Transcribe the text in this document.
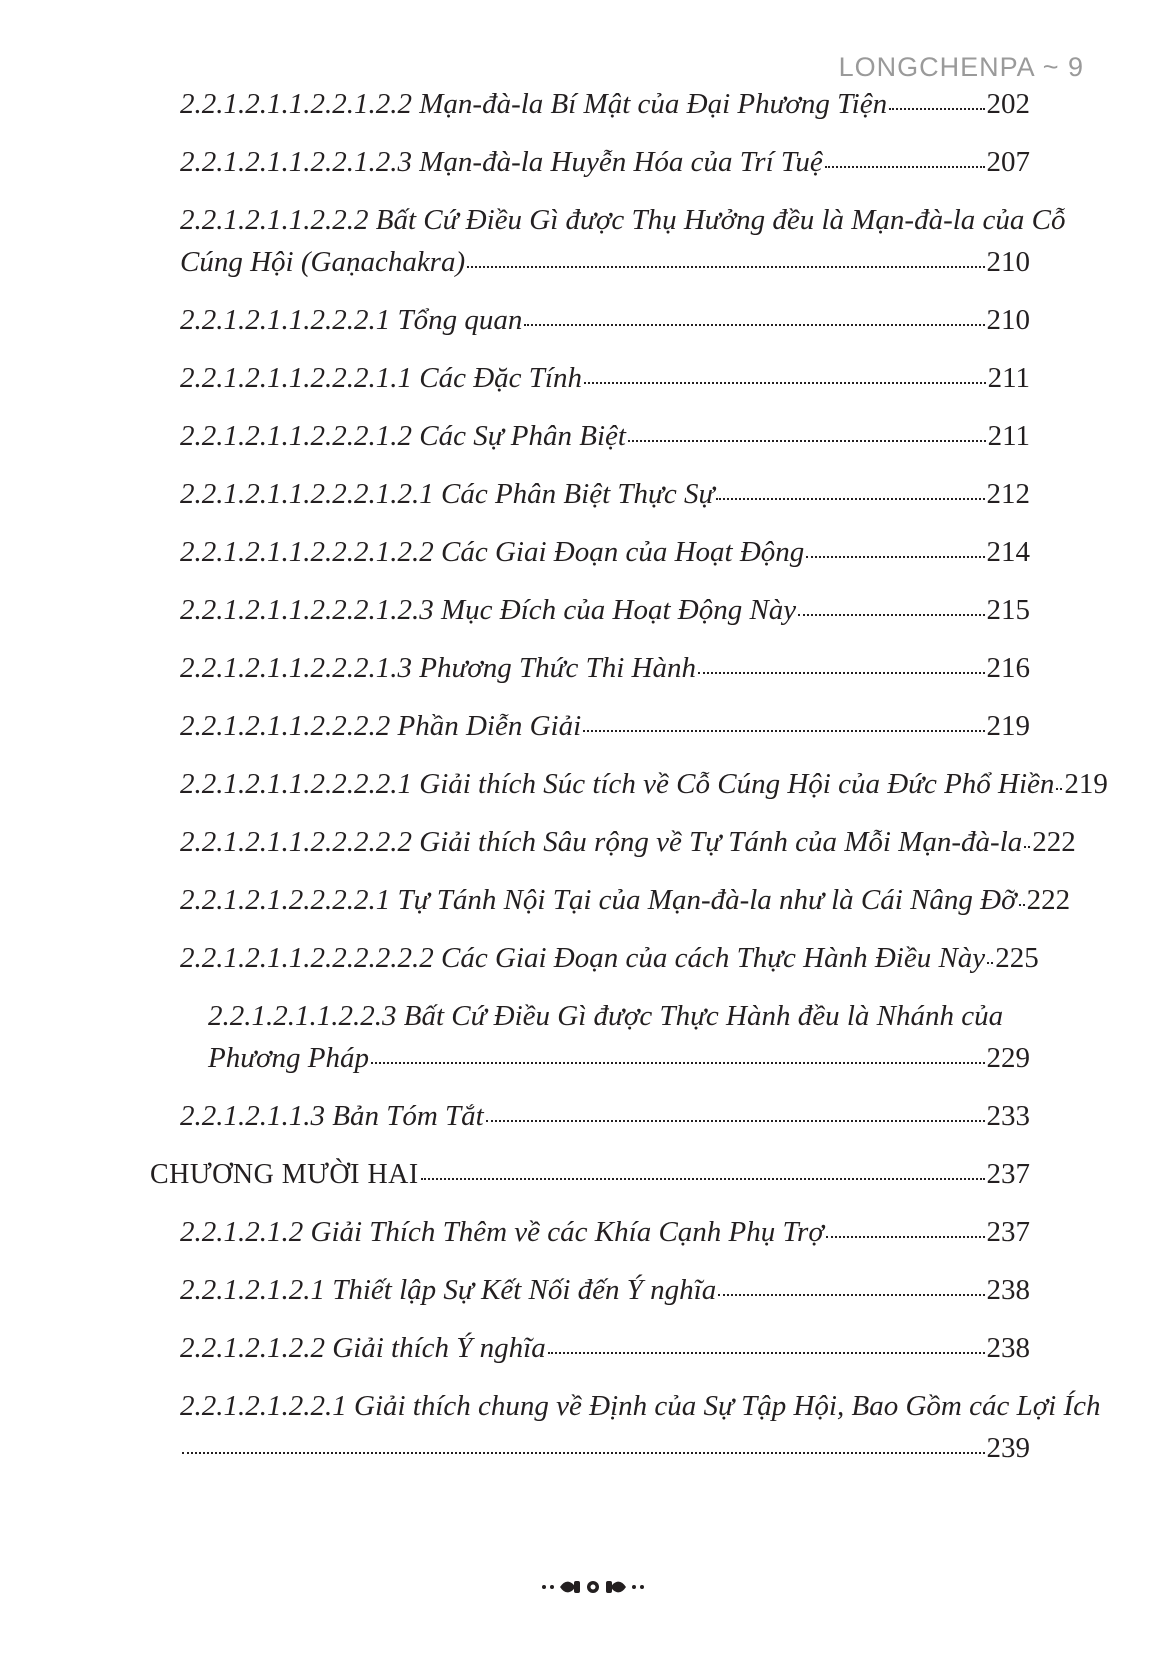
LONGCHENPA ~ 9
2.2.1.2.1.1.2.2.1.2.2 Mạn-đà-la Bí Mật của Đại Phương Tiện	202
2.2.1.2.1.1.2.2.1.2.3 Mạn-đà-la Huyễn Hóa của Trí Tuệ	207
2.2.1.2.1.1.2.2.2 Bất Cứ Điều Gì được Thụ Hưởng đều là Mạn-đà-la của Cỗ
Cúng Hội (Gaṇachakra)	210
2.2.1.2.1.1.2.2.2.1 Tổng quan	210
2.2.1.2.1.1.2.2.2.1.1 Các Đặc Tính	211
2.2.1.2.1.1.2.2.2.1.2 Các Sự Phân Biệt	211
2.2.1.2.1.1.2.2.2.1.2.1 Các Phân Biệt Thực Sự	212
2.2.1.2.1.1.2.2.2.1.2.2 Các Giai Đoạn của Hoạt Động	214
2.2.1.2.1.1.2.2.2.1.2.3 Mục Đích của Hoạt Động Này	215
2.2.1.2.1.1.2.2.2.1.3 Phương Thức Thi Hành	216
2.2.1.2.1.1.2.2.2.2 Phần Diễn Giải	219
2.2.1.2.1.1.2.2.2.2.1 Giải thích Súc tích về Cỗ Cúng Hội của Đức Phổ Hiền 219
2.2.1.2.1.1.2.2.2.2.2 Giải thích Sâu rộng về Tự Tánh của Mỗi Mạn-đà-la 222
2.2.1.2.1.2.2.2.2.1 Tự Tánh Nội Tại của Mạn-đà-la như là Cái Nâng Đỡ 222
2.2.1.2.1.1.2.2.2.2.2.2 Các Giai Đoạn của cách Thực Hành Điều Này 225
2.2.1.2.1.1.2.2.3 Bất Cứ Điều Gì được Thực Hành đều là Nhánh của
Phương Pháp	229
2.2.1.2.1.1.3 Bản Tóm Tắt	233
CHƯƠNG MƯỜI HAI	237
2.2.1.2.1.2 Giải Thích Thêm về các Khía Cạnh Phụ Trợ	237
2.2.1.2.1.2.1 Thiết lập Sự Kết Nối đến Ý nghĩa	238
2.2.1.2.1.2.2 Giải thích Ý nghĩa	238
2.2.1.2.1.2.2.1 Giải thích chung về Định của Sự Tập Hội, Bao Gồm các Lợi Ích
239
